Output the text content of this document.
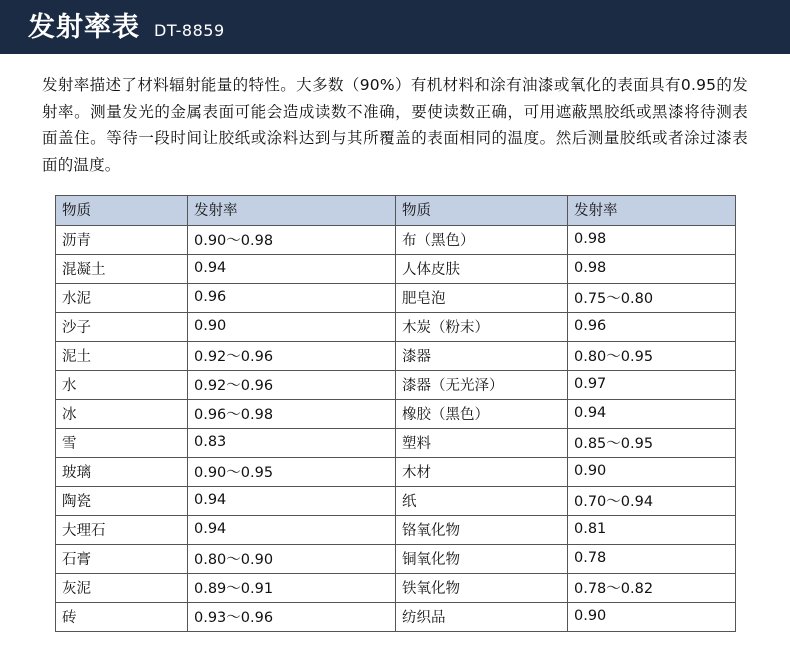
发射率表 DT-8859

发射率描述了材料辐射能量的特性。大多数（90%）有机材料和涂有油漆或氧化的表面具有0.95的发射率。测量发光的金属表面可能会造成读数不准确，要使读数正确，可用遮蔽黑胶纸或黑漆将待测表面盖住。等待一段时间让胶纸或涂料达到与其所覆盖的表面相同的温度。然后测量胶纸或者涂过漆表面的温度。

物质	发射率	物质	发射率
沥青	0.90～0.98	布（黑色）	0.98
混凝土	0.94	人体皮肤	0.98
水泥	0.96	肥皂泡	0.75～0.80
沙子	0.90	木炭（粉末）	0.96
泥土	0.92～0.96	漆器	0.80～0.95
水	0.92～0.96	漆器（无光泽）	0.97
冰	0.96～0.98	橡胶（黑色）	0.94
雪	0.83	塑料	0.85～0.95
玻璃	0.90～0.95	木材	0.90
陶瓷	0.94	纸	0.70～0.94
大理石	0.94	铬氧化物	0.81
石膏	0.80～0.90	铜氧化物	0.78
灰泥	0.89～0.91	铁氧化物	0.78～0.82
砖	0.93～0.96	纺织品	0.90
